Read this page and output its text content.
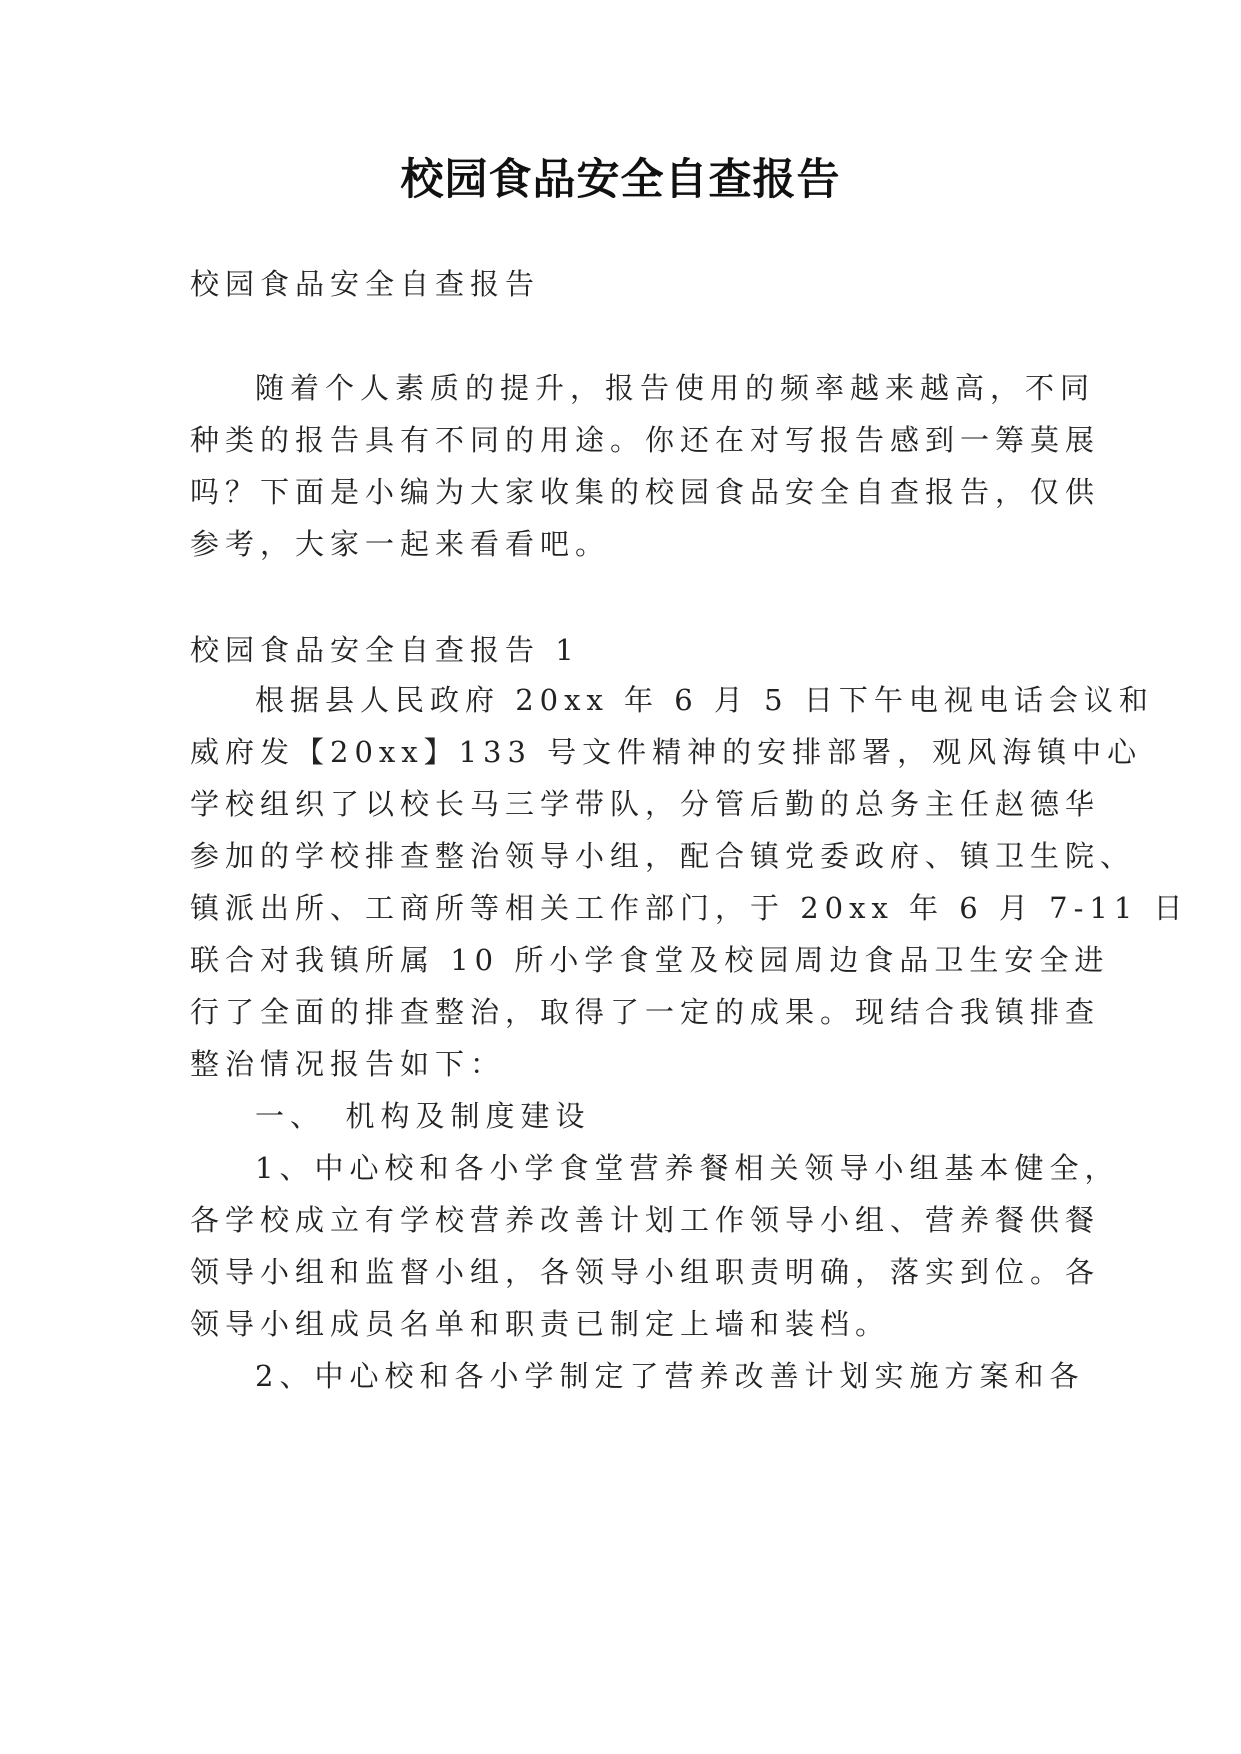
校园食品安全自查报告
校园食品安全自查报告
随着个人素质的提升，报告使用的频率越来越高，不同
种类的报告具有不同的用途。你还在对写报告感到一筹莫展
吗？下面是小编为大家收集的校园食品安全自查报告，仅供
参考，大家一起来看看吧。
校园食品安全自查报告 1
根据县人民政府 20xx 年 6 月 5 日下午电视电话会议和
威府发【20xx】133 号文件精神的安排部署，观风海镇中心
学校组织了以校长马三学带队，分管后勤的总务主任赵德华
参加的学校排查整治领导小组，配合镇党委政府、镇卫生院、
镇派出所、工商所等相关工作部门，于 20xx 年 6 月 7-11 日
联合对我镇所属 10 所小学食堂及校园周边食品卫生安全进
行了全面的排查整治，取得了一定的成果。现结合我镇排查
整治情况报告如下：
一、　机构及制度建设
1、中心校和各小学食堂营养餐相关领导小组基本健全，
各学校成立有学校营养改善计划工作领导小组、营养餐供餐
领导小组和监督小组，各领导小组职责明确，落实到位。各
领导小组成员名单和职责已制定上墙和装档。
2、中心校和各小学制定了营养改善计划实施方案和各
